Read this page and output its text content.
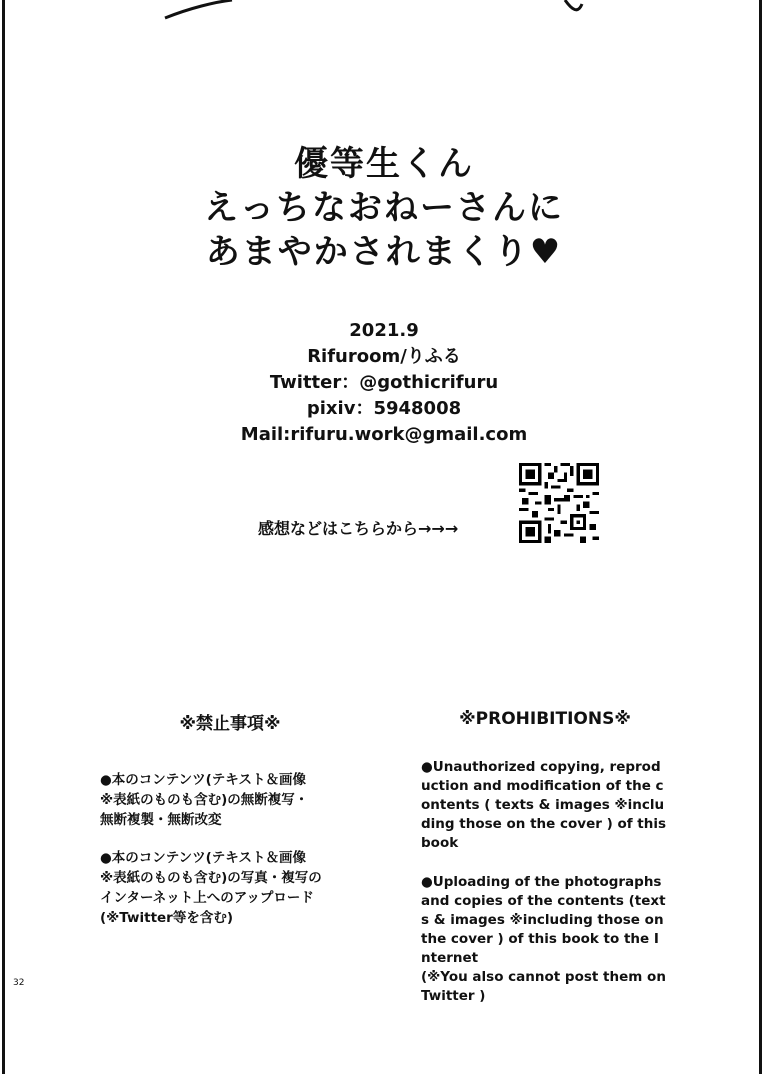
優等生くん
えっちなおねーさんに
あまやかされまくり♥
2021.9
Rifuroom/りふる
Twitter：@gothicrifuru
pixiv：5948008
Mail:rifuru.work@gmail.com
感想などはこちらから→→→
※禁止事項※	※PROHIBITIONS※
●本のコンテンツ(テキスト＆画像
※表紙のものも含む)の無断複写・
無断複製・無断改変
●本のコンテンツ(テキスト＆画像
※表紙のものも含む)の写真・複写の
インターネット上へのアップロード
(※Twitter等を含む)
●Unauthorized copying, reprod
uction and modification of the c
ontents ( texts & images ※inclu
ding those on the cover ) of this
book
●Uploading of the photographs
and copies of the contents (text
s & images ※including those on
the cover ) of this book to the I
nternet
(※You also cannot post them on
Twitter )
32
